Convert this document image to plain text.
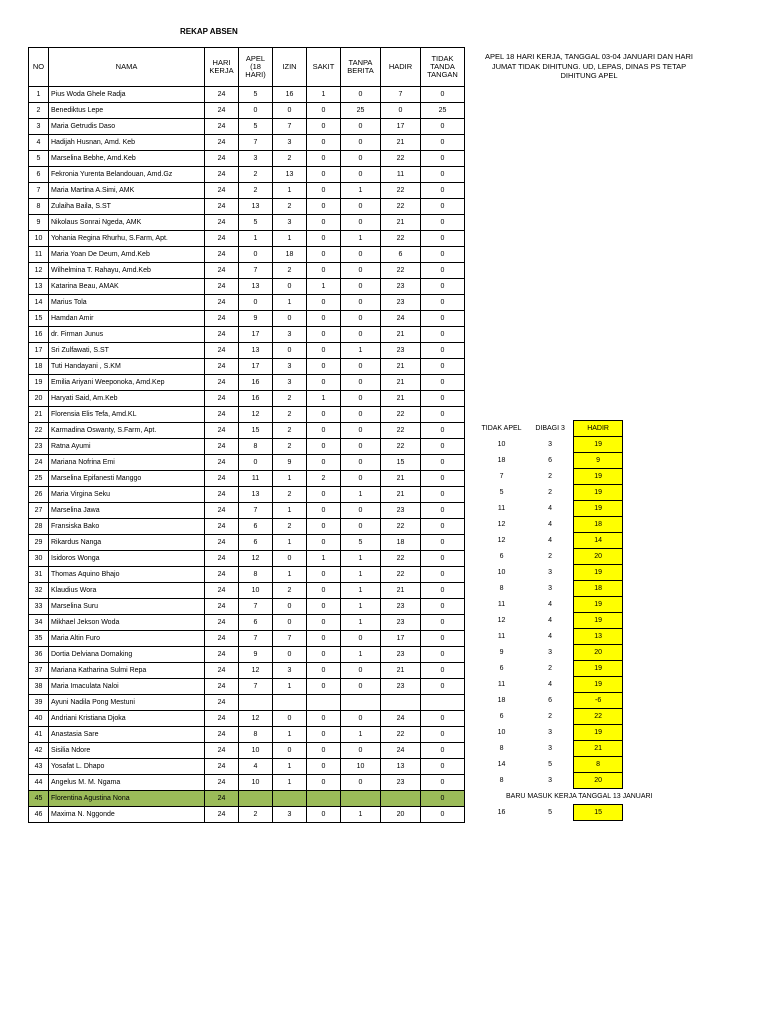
REKAP ABSEN
NO	NAMA	HARI KERJA	APEL (18 HARI)	IZIN	SAKIT	TANPA BERITA	HADIR	TIDAK TANDA TANGAN
1	Pius Woda Ghele Radja	24	5	16	1	0	7	0
2	Benediktus Lepe	24	0	0	0	25	0	25
3	Maria Getrudis Daso	24	5	7	0	0	17	0
4	Hadijah Husnan, Amd. Keb	24	7	3	0	0	21	0
5	Marselina Bebhe, Amd.Keb	24	3	2	0	0	22	0
6	Fekronia Yurenta Belandouan, Amd.Gz	24	2	13	0	0	11	0
7	Maria Martina A.Simi, AMK	24	2	1	0	1	22	0
8	Zulaiha Baila, S.ST	24	13	2	0	0	22	0
9	Nikolaus Sonrai Ngeda, AMK	24	5	3	0	0	21	0
10	Yohania Regina Rhurhu, S.Farm, Apt.	24	1	1	0	1	22	0
11	Maria Yoan De Deum, Amd.Keb	24	0	18	0	0	6	0
12	Wilhelmina T. Rahayu, Amd.Keb	24	7	2	0	0	22	0
13	Katarina Beau, AMAK	24	13	0	1	0	23	0
14	Marius Tola	24	0	1	0	0	23	0
15	Hamdan Amir	24	9	0	0	0	24	0
16	dr. Firman Junus	24	17	3	0	0	21	0
17	Sri Zulfawati, S.ST	24	13	0	0	1	23	0
18	Tuti Handayani , S.KM	24	17	3	0	0	21	0
19	Emilia Ariyani Weeponoka, Amd.Kep	24	16	3	0	0	21	0
20	Haryati Said, Am.Keb	24	16	2	1	0	21	0
21	Florensia Elis Tefa, Amd.KL	24	12	2	0	0	22	0
22	Karmadina Oswanty, S.Farm, Apt.	24	15	2	0	0	22	0
23	Ratna Ayumi	24	8	2	0	0	22	0
24	Mariana Nofrina Emi	24	0	9	0	0	15	0
25	Marselina Epifanesti Manggo	24	11	1	2	0	21	0
26	Maria Virgina Seku	24	13	2	0	1	21	0
27	Marselina Jawa	24	7	1	0	0	23	0
28	Fransiska Bako	24	6	2	0	0	22	0
29	Rikardus Nanga	24	6	1	0	5	18	0
30	Isidoros Wonga	24	12	0	1	1	22	0
31	Thomas Aquino Bhajo	24	8	1	0	1	22	0
32	Klaudius Wora	24	10	2	0	1	21	0
33	Marselina Suru	24	7	0	0	1	23	0
34	Mikhael Jekson Woda	24	6	0	0	1	23	0
35	Maria Altin Furo	24	7	7	0	0	17	0
36	Dortia Delviana Domaking	24	9	0	0	1	23	0
37	Mariana Katharina Sulmi Repa	24	12	3	0	0	21	0
38	Maria Imaculata Naloi	24	7	1	0	0	23	0
39	Ayuni Nadila Pong Mestuni	24						
40	Andriani Kristiana Djoka	24	12	0	0	0	24	0
41	Anastasia Sare	24	8	1	0	1	22	0
42	Sisilia Ndore	24	10	0	0	0	24	0
43	Yosafat L. Dhapo	24	4	1	0	10	13	0
44	Angelus M. M. Ngama	24	10	1	0	0	23	0
45	Florentina Agustina Nona	24						0
46	Maxima N. Nggonde	24	2	3	0	1	20	0
APEL 18 HARI KERJA, TANGGAL 03-04 JANUARI DAN HARI JUMAT TIDAK DIHITUNG. UD, LEPAS, DINAS PS TETAP DIHITUNG APEL
TIDAK APEL	DIBAGI 3	HADIR
10	3	19
18	6	9
7	2	19
5	2	19
11	4	19
12	4	18
12	4	14
6	2	20
10	3	19
8	3	18
11	4	19
12	4	19
11	4	13
9	3	20
6	2	19
11	4	19
18	6	-6
6	2	22
10	3	19
8	3	21
14	5	8
8	3	20
BARU MASUK KERJA TANGGAL 13 JANUARI
16	5	15
